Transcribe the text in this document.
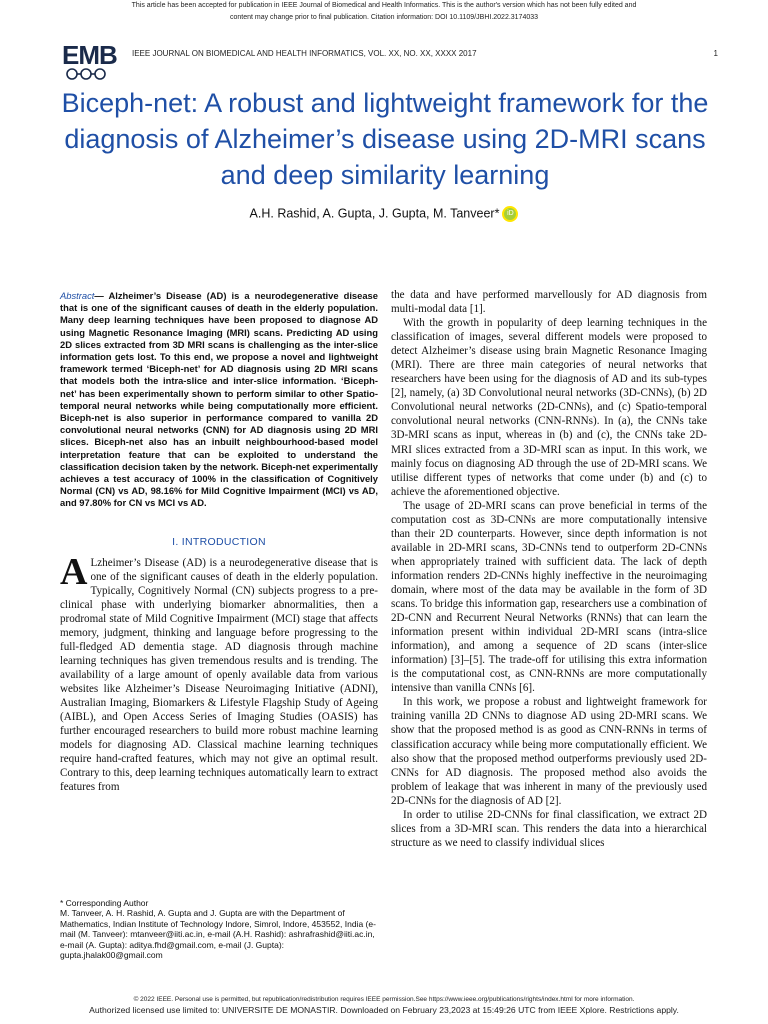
This article has been accepted for publication in IEEE Journal of Biomedical and Health Informatics. This is the author's version which has not been fully edited and
content may change prior to final publication. Citation information: DOI 10.1109/JBHI.2022.3174033
EMB IEEE JOURNAL ON BIOMEDICAL AND HEALTH INFORMATICS, VOL. XX, NO. XX, XXXX 2017	1
Biceph-net: A robust and lightweight framework for the diagnosis of Alzheimer’s disease using 2D-MRI scans and deep similarity learning
A.H. Rashid, A. Gupta, J. Gupta, M. Tanveer* iD

Abstract— Alzheimer’s Disease (AD) is a neurodegenerative disease that is one of the significant causes of death in the elderly population. Many deep learning techniques have been proposed to diagnose AD using Magnetic Resonance Imaging (MRI) scans. Predicting AD using 2D slices extracted from 3D MRI scans is challenging as the inter-slice information gets lost. To this end, we propose a novel and lightweight framework termed ‘Biceph-net’ for AD diagnosis using 2D MRI scans that models both the intra-slice and inter-slice information. ‘Biceph-net’ has been experimentally shown to perform similar to other Spatio-temporal neural networks while being computationally more efficient. Biceph-net is also superior in performance compared to vanilla 2D convolutional neural networks (CNN) for AD diagnosis using 2D MRI slices. Biceph-net also has an inbuilt neighbourhood-based model interpretation feature that can be exploited to understand the classification decision taken by the network. Biceph-net experimentally achieves a test accuracy of 100% in the classification of Cognitively Normal (CN) vs AD, 98.16% for Mild Cognitive Impairment (MCI) vs AD, and 97.80% for CN vs MCI vs AD.

I. INTRODUCTION

A Lzheimer’s Disease (AD) is a neurodegenerative disease that is one of the significant causes of death in the elderly population. Typically, Cognitively Normal (CN) subjects progress to a pre-clinical phase with underlying biomarker abnormalities, then a prodromal state of Mild Cognitive Impairment (MCI) stage that affects memory, judgment, thinking and language before progressing to the full-fledged AD dementia stage. AD diagnosis through machine learning techniques has given tremendous results and is trending. The availability of a large amount of openly available data from various websites like Alzheimer’s Disease Neuroimaging Initiative (ADNI), Australian Imaging, Biomarkers & Lifestyle Flagship Study of Ageing (AIBL), and Open Access Series of Imaging Studies (OASIS) has further encouraged researchers to build more robust machine learning models for diagnosing AD. Classical machine learning techniques require hand-crafted features, which may not give an optimal result. Contrary to this, deep learning techniques automatically learn to extract features from

* Corresponding Author

M. Tanveer, A. H. Rashid, A. Gupta and J. Gupta are with the Department of Mathematics, Indian Institute of Technology Indore, Simrol, Indore, 453552, India (e-mail (M. Tanveer): mtanveer@iiti.ac.in, e-mail (A.H. Rashid): ashrafrashid@iiti.ac.in, e-mail (A. Gupta): aditya.fhd@gmail.com, e-mail (J. Gupta): gupta.jhalak00@gmail.com

the data and have performed marvellously for AD diagnosis from multi-modal data [1].

With the growth in popularity of deep learning techniques in the classification of images, several different models were proposed to detect Alzheimer’s disease using brain Magnetic Resonance Imaging (MRI). There are three main categories of neural networks that researchers have been using for the diagnosis of AD and its sub-types [2], namely, (a) 3D Convolutional neural networks (3D-CNNs), (b) 2D Convolutional neural networks (2D-CNNs), and (c) Spatio-temporal convolutional neural networks (CNN-RNNs). In (a), the CNNs take 3D-MRI scans as input, whereas in (b) and (c), the CNNs take 2D-MRI slices extracted from a 3D-MRI scan as input. In this work, we mainly focus on diagnosing AD through the use of 2D-MRI scans. We utilise different types of networks that come under (b) and (c) to achieve the aforementioned objective.

The usage of 2D-MRI scans can prove beneficial in terms of the computation cost as 3D-CNNs are more computationally intensive than their 2D counterparts. However, since depth information is not available in 2D-MRI scans, 3D-CNNs tend to outperform 2D-CNNs when appropriately trained with sufficient data. The lack of depth information renders 2D-CNNs highly ineffective in the neuroimaging domain, where most of the data may be available in the form of 3D scans. To bridge this information gap, researchers use a combination of 2D-CNN and Recurrent Neural Networks (RNNs) that can learn the information present within individual 2D-MRI scans (intra-slice information), and among a sequence of 2D scans (inter-slice information) [3]–[5]. The trade-off for utilising this extra information is the computational cost, as CNN-RNNs are more computationally intensive than vanilla CNNs [6].

In this work, we propose a robust and lightweight framework for training vanilla 2D CNNs to diagnose AD using 2D-MRI scans. We show that the proposed method is as good as CNN-RNNs in terms of classification accuracy while being more computationally efficient. We also show that the proposed method outperforms previously used 2D-CNNs for AD diagnosis. The proposed method also avoids the problem of leakage that was inherent in many of the previously used 2D-CNNs for the diagnosis of AD [2].

In order to utilise 2D-CNNs for final classification, we extract 2D slices from a 3D-MRI scan. This renders the data into a hierarchical structure as we need to classify individual slices

© 2022 IEEE. Personal use is permitted, but republication/redistribution requires IEEE permission.See https://www.ieee.org/publications/rights/index.html for more information.
Authorized licensed use limited to: UNIVERSITE DE MONASTIR. Downloaded on February 23,2023 at 15:49:26 UTC from IEEE Xplore. Restrictions apply.
